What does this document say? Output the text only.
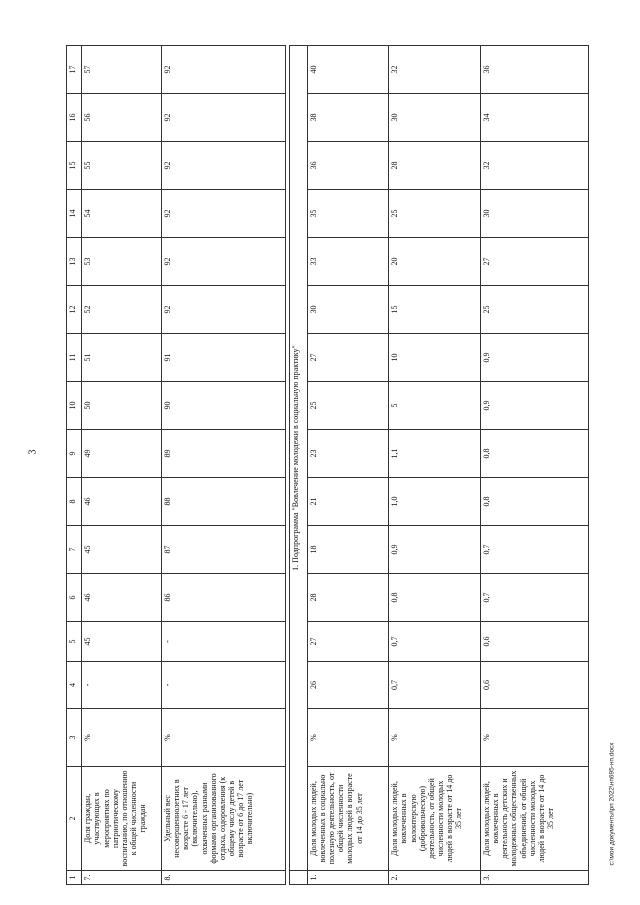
3
1	2	3	4	5	6	7	8	9	10	11	12	13	14	15	16	17
7.	Доля граждан, участвующих в мероприятиях по патриотическому воспитанию, по отношению к общей численности граждан	%	-	45	46	45	46	49	50	51	52	53	54	55	56	57
8.	Удельный вес несовершеннолетних в возрасте 6 - 17 лет (включительно), охваченных разными формами организованного отдыха, оздоровления (к общему числу детей в возрасте от 6 до 17 лет включительно)	%	-	-	86	87	88	89	90	91	92	92	92	92	92	92

	1. Подпрограмма "Вовлечение молодежи в социальную практику"															
1.	Доля молодых людей, вовлеченных в социально полезную деятельность, от общей численности молодых людей в возрасте от 14 до 35 лет	%	26	27	28	18	21	23	25	27	30	33	35	36	38	40
2.	Доля молодых людей, вовлеченных в волонтерскую (добровольческую) деятельность, от общей численности молодых людей в возрасте от 14 до 35 лет	%	0,7	0,7	0,8	0,9	1,0	1,1	5	10	15	20	25	28	30	32
3.	Доля молодых людей, вовлеченных в деятельность детских и молодежных общественных объединений, от общей численности молодых людей в возрасте от 14 до 35 лет	%	0,6	0,6	0,7	0,7	0,8	0,8	0,9	0,9	25	27	30	32	34	36
c:\мои документы\рп 2022\нп695-нп.docx
